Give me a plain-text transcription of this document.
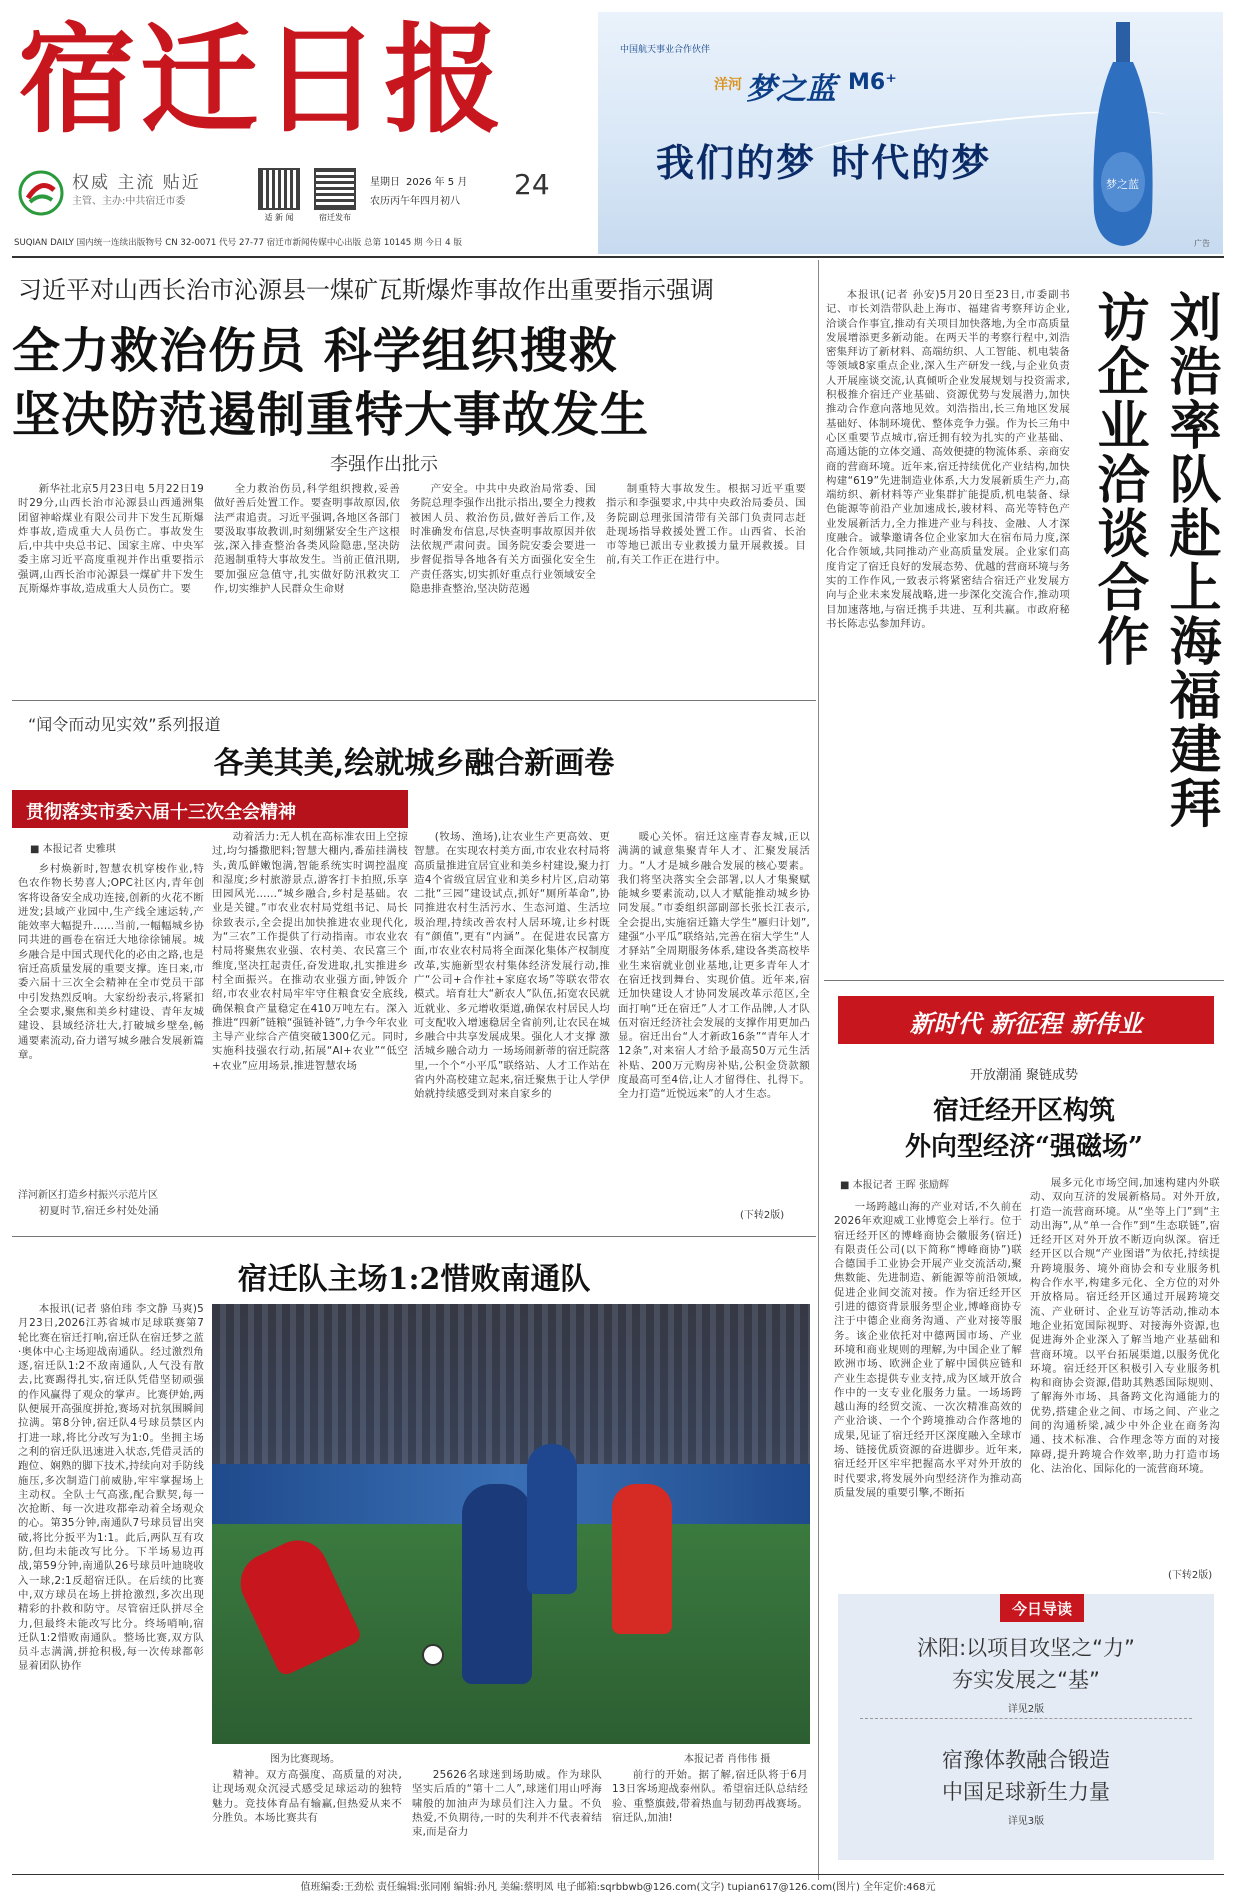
宿迁日报
权威 主流 贴近
主管、主办:中共宿迁市委
适 新 闻	宿迁发布
星期日 2026 年 5 月
农历丙午年四月初八
24
SUQIAN DAILY 国内统一连续出版物号 CN 32-0071 代号 27-77 宿迁市新闻传媒中心出版 总第 10145 期 今日 4 版
中国航天事业合作伙伴
洋河 梦之蓝 M6⁺
我们的梦 时代的梦	梦之蓝
广告
习近平对山西长治市沁源县一煤矿瓦斯爆炸事故作出重要指示强调
全力救治伤员 科学组织搜救
坚决防范遏制重特大事故发生
李强作出批示
新华社北京5月23日电 5月22日19时29分,山西长治市沁源县山西通洲集团留神峪煤业有限公司井下发生瓦斯爆炸事故,造成重大人员伤亡。事故发生后,中共中央总书记、国家主席、中央军委主席习近平高度重视并作出重要指示强调,山西长治市沁源县一煤矿井下发生瓦斯爆炸事故,造成重大人员伤亡。要
全力救治伤员,科学组织搜救,妥善做好善后处置工作。要查明事故原因,依法严肃追责。习近平强调,各地区各部门要汲取事故教训,时刻绷紧安全生产这根弦,深入排查整治各类风险隐患,坚决防范遏制重特大事故发生。当前正值汛期,要加强应急值守,扎实做好防汛救灾工作,切实维护人民群众生命财
产安全。中共中央政治局常委、国务院总理李强作出批示指出,要全力搜救被困人员、救治伤员,做好善后工作,及时准确发布信息,尽快查明事故原因并依法依规严肃问责。国务院安委会要进一步督促指导各地各有关方面强化安全生产责任落实,切实抓好重点行业领域安全隐患排查整治,坚决防范遏
制重特大事故发生。根据习近平重要指示和李强要求,中共中央政治局委员、国务院副总理张国清带有关部门负责同志赶赴现场指导救援处置工作。山西省、长治市等地已派出专业救援力量开展救援。目前,有关工作正在进行中。
本报讯(记者 孙安)5月20日至23日,市委副书记、市长刘浩带队赴上海市、福建省考察拜访企业,洽谈合作事宜,推动有关项目加快落地,为全市高质量发展增添更多新动能。在两天半的考察行程中,刘浩密集拜访了新材料、高端纺织、人工智能、机电装备等领域8家重点企业,深入生产研发一线,与企业负责人开展座谈交流,认真倾听企业发展规划与投资需求,积极推介宿迁产业基础、资源优势与发展潜力,加快推动合作意向落地见效。刘浩指出,长三角地区发展基础好、体制环境优、整体竞争力强。作为长三角中心区重要节点城市,宿迁拥有较为扎实的产业基础、高通达能的立体交通、高效便捷的物流体系、亲商安商的营商环境。近年来,宿迁持续优化产业结构,加快构建“619”先进制造业体系,大力发展新质生产力,高端纺织、新材料等产业集群扩能提质,机电装备、绿色能源等前沿产业加速成长,骏材料、高光等特色产业发展新活力,全力推进产业与科技、金融、人才深度融合。诚挚邀请各位企业家加大在宿布局力度,深化合作领域,共同推动产业高质量发展。企业家们高度肯定了宿迁良好的发展态势、优越的营商环境与务实的工作作风,一致表示将紧密结合宿迁产业发展方向与企业未来发展战略,进一步深化交流合作,推动项目加速落地,与宿迁携手共进、互利共赢。市政府秘书长陈志弘参加拜访。	刘浩率队赴上海福建拜访企业洽谈合作
“闻令而动见实效”系列报道
各美其美,绘就城乡融合新画卷
贯彻落实市委六届十三次全会精神
■ 本报记者 史雅琪
乡村焕新时,智慧农机穿梭作业,特色农作物长势喜人;OPC社区内,青年创客将设备安全成功连接,创新的火花不断迸发;县域产业园中,生产线全速运转,产能效率大幅提升……当前,一幅幅城乡协同共进的画卷在宿迁大地徐徐铺展。城乡融合是中国式现代化的必由之路,也是宿迁高质量发展的重要支撑。连日来,市委六届十三次全会精神在全市党员干部中引发热烈反响。大家纷纷表示,将紧扣全会要求,聚焦和美乡村建设、青年友城建设、县域经济壮大,打破城乡壁垒,畅通要素流动,奋力谱写城乡融合发展新篇章。
洋河新区打造乡村振兴示范片区
初夏时节,宿迁乡村处处涌
动着活力:无人机在高标准农田上空掠过,均匀播撒肥料;智慧大棚内,番茄挂满枝头,黄瓜鲜嫩饱满,智能系统实时调控温度和湿度;乡村旅游景点,游客打卡拍照,乐享田园风光……“城乡融合,乡村是基础。农业是关键。”市农业农村局党组书记、局长徐致表示,全会提出加快推进农业现代化,为“三农”工作提供了行动指南。市农业农村局将聚焦农业强、农村美、农民富三个维度,坚决扛起责任,奋发进取,扎实推进乡村全面振兴。在推动农业强方面,钟饭介绍,市农业农村局牢牢守住粮食安全底线,确保粮食产量稳定在410万吨左右。深入推进“四新”链粮“强链补链”,力争今年农业主导产业综合产值突破1300亿元。同时,实施科技强农行动,拓展“AI+农业”“低空+农业”应用场景,推进智慧农场
(牧场、渔场),让农业生产更高效、更智慧。在实现农村美方面,市农业农村局将高质量推进宜居宜业和美乡村建设,聚力打造4个省级宜居宜业和美乡村片区,启动第二批“三园”建设试点,抓好“厕所革命”,协同推进农村生活污水、生态河道、生活垃圾治理,持续改善农村人居环境,让乡村既有“颜值”,更有“内涵”。在促进农民富方面,市农业农村局将全面深化集体产权制度改革,实施新型农村集体经济发展行动,推广“公司+合作社+家庭农场”等联农带农模式。培育壮大“新农人”队伍,拓宽农民就近就业、多元增收渠道,确保农村居民人均可支配收入增速稳居全省前列,让农民在城乡融合中共享发展成果。强化人才支撑 激活城乡融合动力 一场场闹新蒂的宿迁院落里,一个个“小平瓜”联络站、人才工作站在省内外高校建立起来,宿迁聚焦于让人学伊始就持续感受到对来自家乡的
暖心关怀。宿迁这座青春友城,正以满满的诚意集聚青年人才、汇聚发展活力。“人才是城乡融合发展的核心要素。我们将坚决落实全会部署,以人才集聚赋能城乡要素流动,以人才赋能推动城乡协同发展。”市委组织部副部长张长江表示,全会提出,实施宿迁籍大学生“雁归计划”,建强“小平瓜”联络站,完善在宿大学生“人才驿站”全周期服务体系,建设各类高校毕业生来宿就业创业基地,让更多青年人才在宿迁找到舞台、实现价值。近年来,宿迁加快建设人才协同发展改革示范区,全面打响“迁在宿迁”人才工作品牌,人才队伍对宿迁经济社会发展的支撑作用更加凸显。宿迁出台“人才新政16条”“青年人才12条”,对来宿人才给予最高50万元生活补贴、200万元购房补贴,公积金贷款额度最高可至4倍,让人才留得住、扎得下。全力打造“近悦远来”的人才生态。
(下转2版)
宿迁队主场1:2惜败南通队
本报讯(记者 骆伯玮 李文静 马爽)5月23日,2026江苏省城市足球联赛第7轮比赛在宿迁打响,宿迁队在宿迁梦之蓝·奥体中心主场迎战南通队。经过激烈角逐,宿迁队1:2不敌南通队,人气没有散去,比赛踢得扎实,宿迁队凭借坚韧顽强的作风赢得了观众的掌声。比赛伊始,两队便展开高强度拼抢,赛场对抗氛围瞬间拉满。第8分钟,宿迁队4号球员禁区内打进一球,将比分改写为1:0。坐拥主场之利的宿迁队迅速进入状态,凭借灵活的跑位、娴熟的脚下技术,持续向对手防线施压,多次制造门前威胁,牢牢掌握场上主动权。全队士气高涨,配合默契,每一次抢断、每一次进攻都牵动着全场观众的心。第35分钟,南通队7号球员冒出突破,将比分扳平为1:1。此后,两队互有攻防,但均未能改写比分。下半场易边再战,第59分钟,南通队26号球员叶迪晓收入一球,2:1反超宿迁队。在后续的比赛中,双方球员在场上拼抢激烈,多次出现精彩的扑救和防守。尽管宿迁队拼尽全力,但最终未能改写比分。终场哨响,宿迁队1:2惜败南通队。整场比赛,双方队员斗志满满,拼抢积极,每一次传球都彰显着团队协作
图为比赛现场。	本报记者 肖伟伟 摄
精神。双方高强度、高质量的对决,让现场观众沉浸式感受足球运动的独特魅力。竞技体育品有输赢,但热爱从来不分胜负。本场比赛共有
25626名球迷到场助威。作为球队坚实后盾的“第十二人”,球迷们用山呼海啸般的加油声为球员们注入力量。不负热爱,不负期待,一时的失利并不代表着结束,而是奋力
前行的开始。据了解,宿迁队将于6月13日客场迎战泰州队。希望宿迁队总结经验、重整旗鼓,带着热血与韧劲再战赛场。宿迁队,加油!
新时代 新征程 新伟业
开放潮涌 聚链成势
宿迁经开区构筑
外向型经济“强磁场”
■ 本报记者 王晖 张励辉
一场跨越山海的产业对话,不久前在2026年欢迎威工业博览会上举行。位于宿迁经开区的博峰商协会徽服务(宿迁)有限责任公司(以下简称“博峰商协”)联合德国手工业协会开展产业交流活动,聚焦数能、先进制造、新能源等前沿领域,促进企业间交流对接。作为宿迁经开区引进的德资背景服务型企业,博峰商协专注于中德企业商务沟通、产业对接等服务。该企业依托对中德两国市场、产业环境和商业规则的理解,为中国企业了解欧洲市场、欧洲企业了解中国供应链和产业生态提供专业支持,成为区域开放合作中的一支专业化服务力量。一场场跨越山海的经贸交流、一次次精准高效的产业洽谈、一个个跨境推动合作落地的成果,见证了宿迁经开区深度融入全球市场、链接优质资源的奋进脚步。近年来,宿迁经开区牢牢把握高水平对外开放的时代要求,将发展外向型经济作为推动高质量发展的重要引擎,不断拓
展多元化市场空间,加速构建内外联动、双向互济的发展新格局。对外开放,打造一流营商环境。从“坐等上门”到“主动出海”,从“单一合作”到“生态联链”,宿迁经开区对外开放不断迈向纵深。宿迁经开区以合规“产业图谱”为依托,持续提升跨境服务、境外商协会和专业服务机构合作水平,构建多元化、全方位的对外开放格局。宿迁经开区通过开展跨境交流、产业研讨、企业互访等活动,推动本地企业拓宽国际视野、对接海外资源,也促进海外企业深入了解当地产业基础和营商环境。以平台拓展渠道,以服务优化环境。宿迁经开区积极引入专业服务机构和商协会资源,借助其熟悉国际规则、了解海外市场、具备跨文化沟通能力的优势,搭建企业之间、市场之间、产业之间的沟通桥梁,减少中外企业在商务沟通、技术标准、合作理念等方面的对接障碍,提升跨境合作效率,助力打造市场化、法治化、国际化的一流营商环境。
(下转2版)
今日导读
沭阳:以项目攻坚之“力”
夯实发展之“基”
详见2版
宿豫体教融合锻造
中国足球新生力量
详见3版
值班编委:王劲松 责任编辑:张同刚 编辑:孙凡 美编:蔡明凤 电子邮箱:sqrbbwb@126.com(文字) tupian617@126.com(图片) 全年定价:468元
